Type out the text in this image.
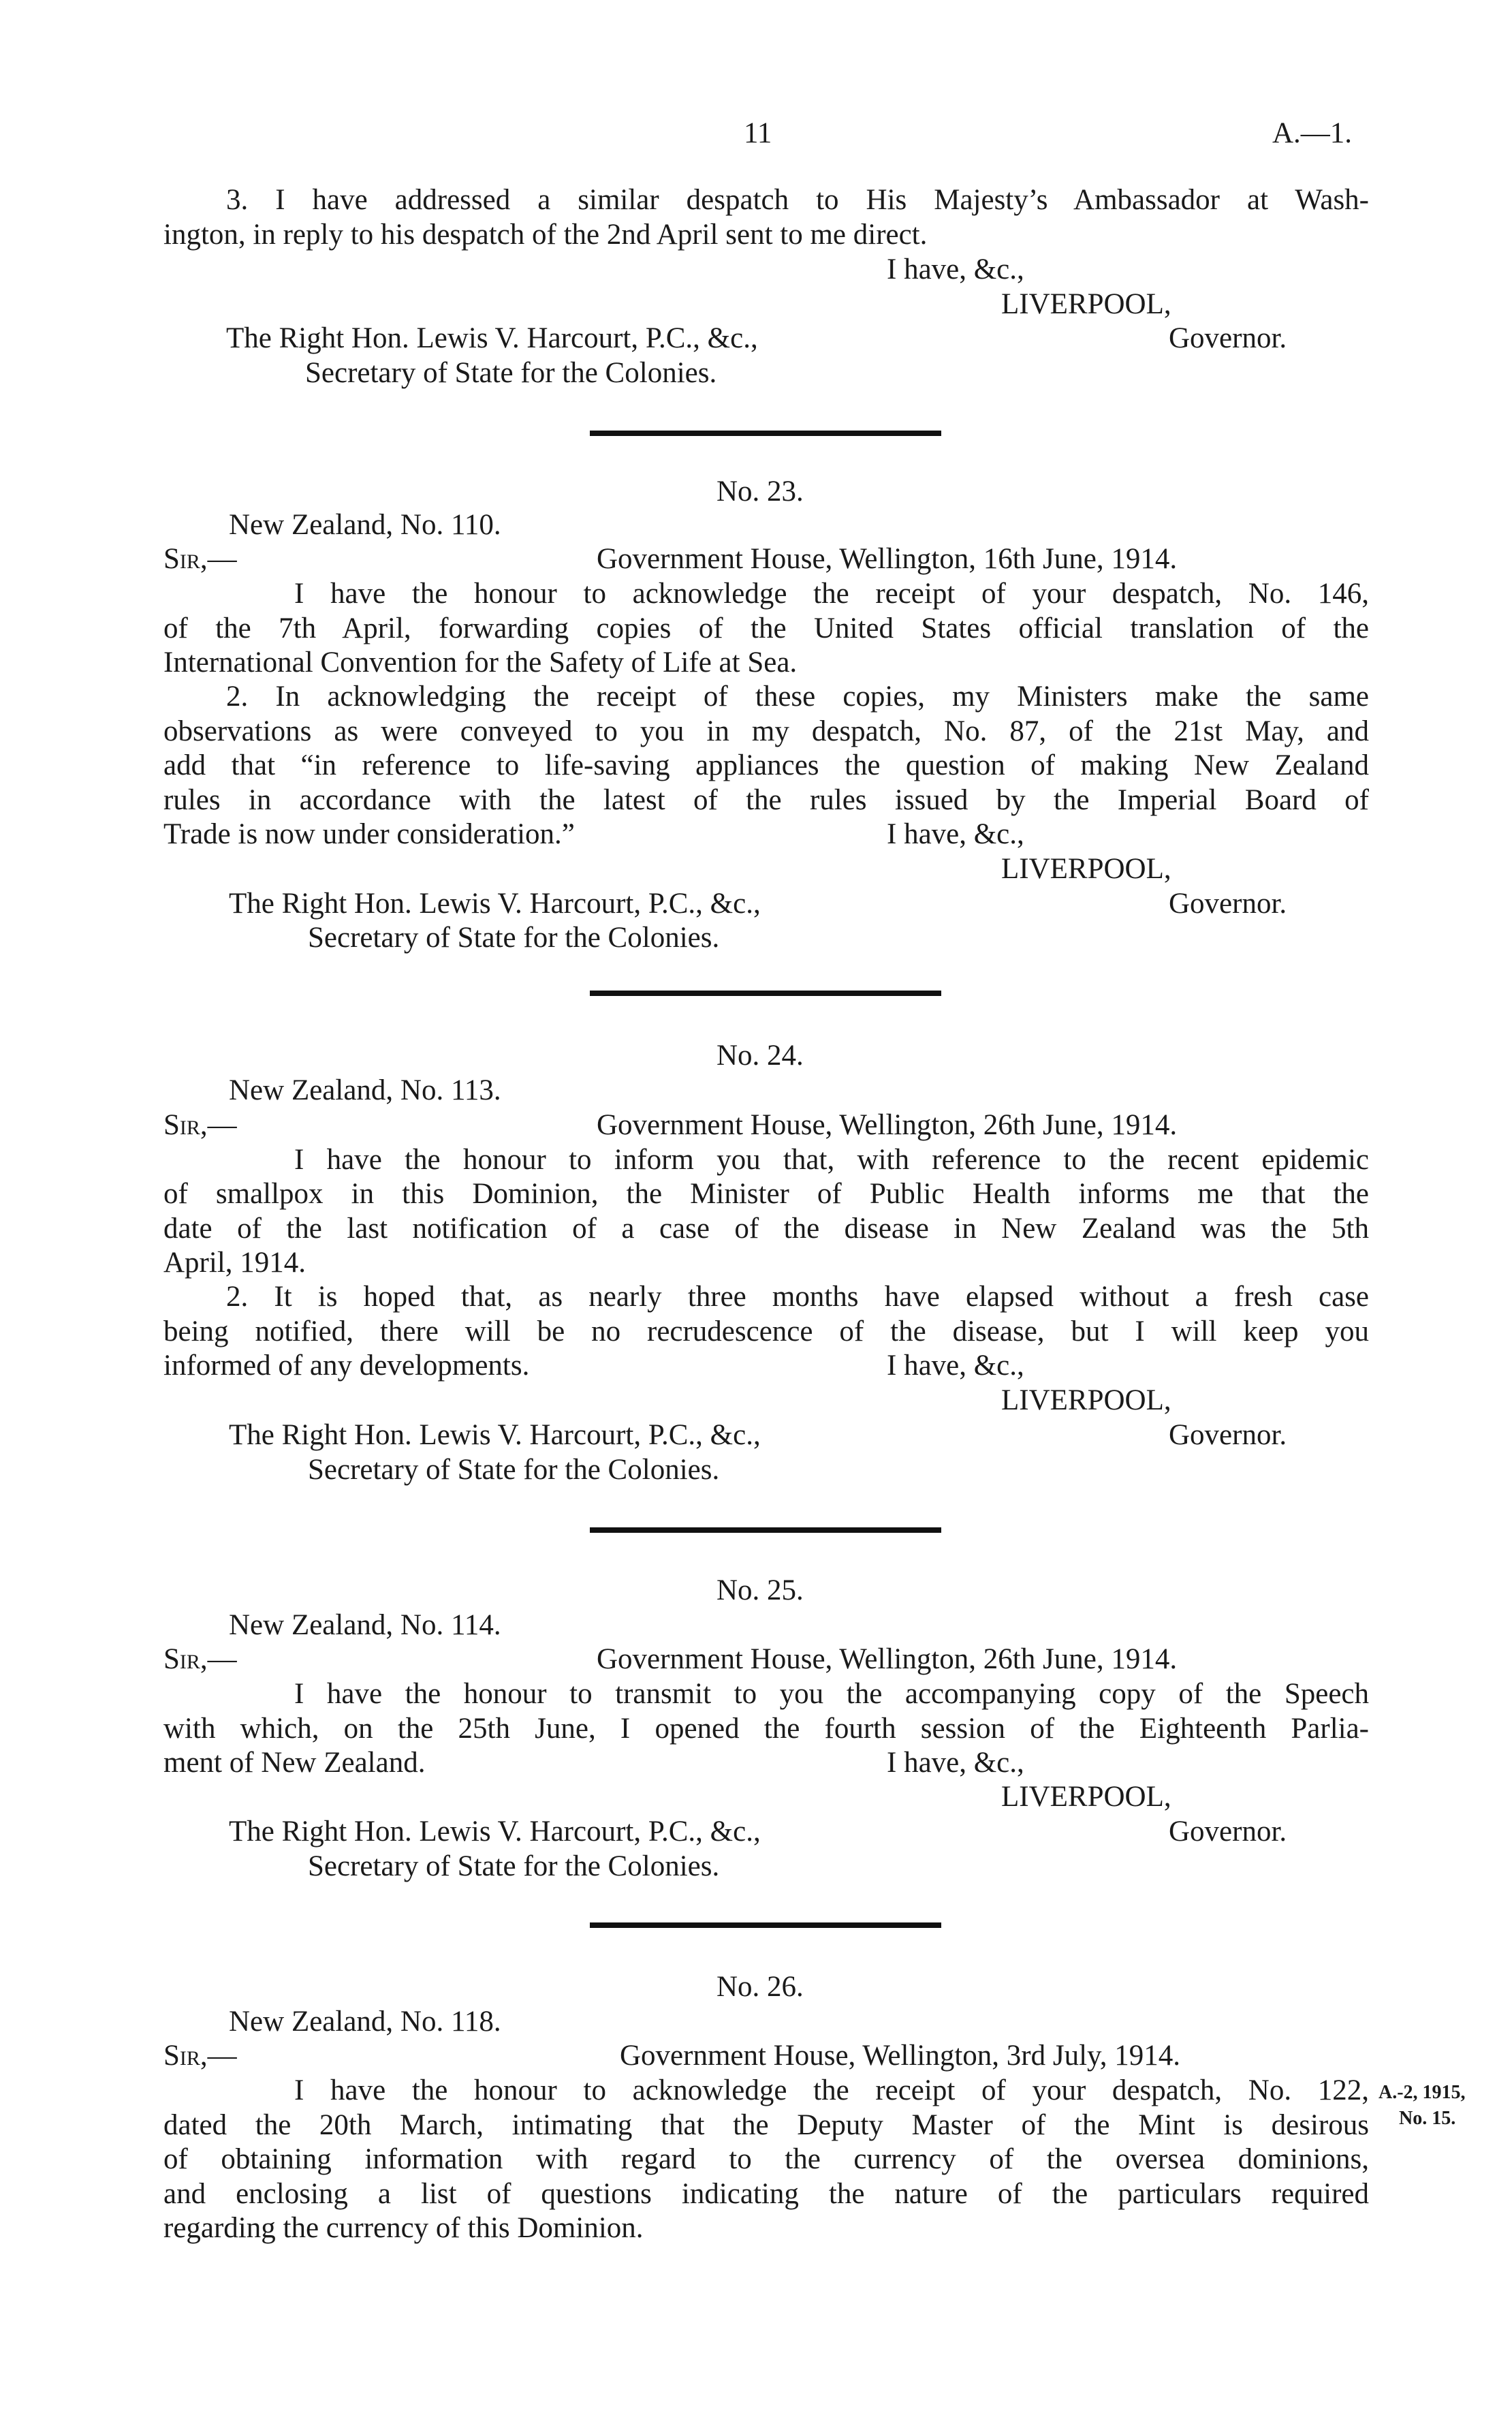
11	A.—1.
3. I have addressed a similar despatch to His Majesty’s Ambassador at Wash-
ington, in reply to his despatch of the 2nd April sent to me direct.
I have, &c.,
LIVERPOOL,
The Right Hon. Lewis V. Harcourt, P.C., &c.,	Governor.
Secretary of State for the Colonies.
No. 23.
New Zealand, No. 110.
Sir,—	Government House, Wellington, 16th June, 1914.
I have the honour to acknowledge the receipt of your despatch, No. 146,
of the 7th April, forwarding copies of the United States official translation of the
International Convention for the Safety of Life at Sea.
2. In acknowledging the receipt of these copies, my Ministers make the same
observations as were conveyed to you in my despatch, No. 87, of the 21st May, and
add that “in reference to life-saving appliances the question of making New Zealand
rules in accordance with the latest of the rules issued by the Imperial Board of
Trade is now under consideration.”	I have, &c.,
LIVERPOOL,
The Right Hon. Lewis V. Harcourt, P.C., &c.,	Governor.
Secretary of State for the Colonies.
No. 24.
New Zealand, No. 113.
Sir,—	Government House, Wellington, 26th June, 1914.
I have the honour to inform you that, with reference to the recent epidemic
of smallpox in this Dominion, the Minister of Public Health informs me that the
date of the last notification of a case of the disease in New Zealand was the 5th
April, 1914.
2. It is hoped that, as nearly three months have elapsed without a fresh case
being notified, there will be no recrudescence of the disease, but I will keep you
informed of any developments.	I have, &c.,
LIVERPOOL,
The Right Hon. Lewis V. Harcourt, P.C., &c.,	Governor.
Secretary of State for the Colonies.
No. 25.
New Zealand, No. 114.
Sir,—	Government House, Wellington, 26th June, 1914.
I have the honour to transmit to you the accompanying copy of the Speech
with which, on the 25th June, I opened the fourth session of the Eighteenth Parlia-
ment of New Zealand.	I have, &c.,
LIVERPOOL,
The Right Hon. Lewis V. Harcourt, P.C., &c.,	Governor.
Secretary of State for the Colonies.
No. 26.
New Zealand, No. 118.
Sir,—	Government House, Wellington, 3rd July, 1914.
I have the honour to acknowledge the receipt of your despatch, No. 122,
dated the 20th March, intimating that the Deputy Master of the Mint is desirous
of obtaining information with regard to the currency of the oversea dominions,
and enclosing a list of questions indicating the nature of the particulars required
regarding the currency of this Dominion.
A.-2, 1915,
No. 15.
